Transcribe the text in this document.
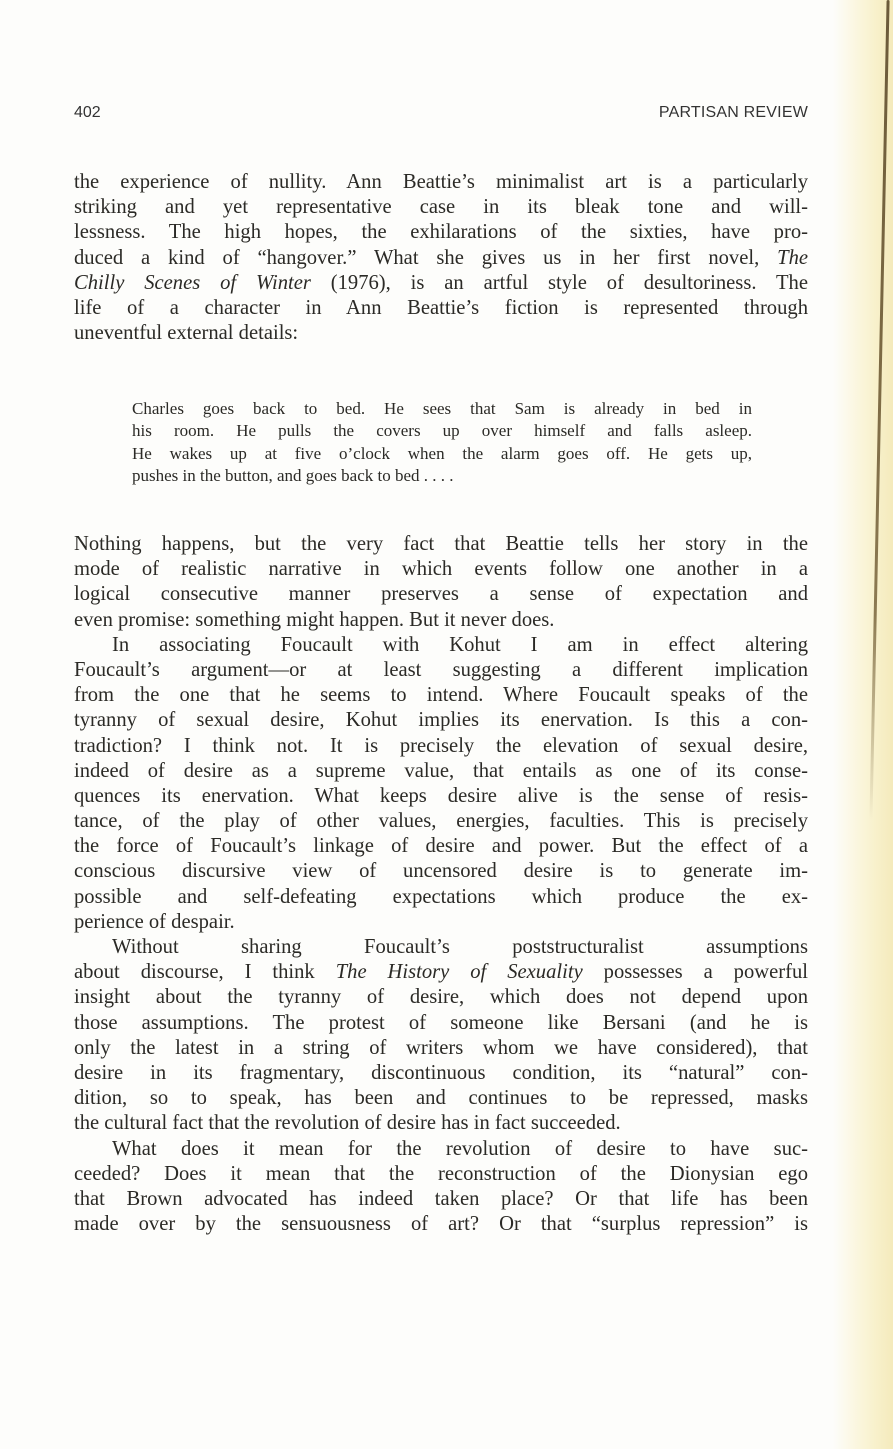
402	PARTISAN REVIEW
the experience of nullity. Ann Beattie’s minimalist art is a particularly
striking and yet representative case in its bleak tone and will-
lessness. The high hopes, the exhilarations of the sixties, have pro-
duced a kind of “hangover.” What she gives us in her first novel, The
Chilly Scenes of Winter (1976), is an artful style of desultoriness. The
life of a character in Ann Beattie’s fiction is represented through
uneventful external details:
Charles goes back to bed. He sees that Sam is already in bed in
his room. He pulls the covers up over himself and falls asleep.
He wakes up at five o’clock when the alarm goes off. He gets up,
pushes in the button, and goes back to bed . . . .
Nothing happens, but the very fact that Beattie tells her story in the
mode of realistic narrative in which events follow one another in a
logical consecutive manner preserves a sense of expectation and
even promise: something might happen. But it never does.
In associating Foucault with Kohut I am in effect altering
Foucault’s argument—or at least suggesting a different implication
from the one that he seems to intend. Where Foucault speaks of the
tyranny of sexual desire, Kohut implies its enervation. Is this a con-
tradiction? I think not. It is precisely the elevation of sexual desire,
indeed of desire as a supreme value, that entails as one of its conse-
quences its enervation. What keeps desire alive is the sense of resis-
tance, of the play of other values, energies, faculties. This is precisely
the force of Foucault’s linkage of desire and power. But the effect of a
conscious discursive view of uncensored desire is to generate im-
possible and self-defeating expectations which produce the ex-
perience of despair.
Without sharing Foucault’s poststructuralist assumptions
about discourse, I think The History of Sexuality possesses a powerful
insight about the tyranny of desire, which does not depend upon
those assumptions. The protest of someone like Bersani (and he is
only the latest in a string of writers whom we have considered), that
desire in its fragmentary, discontinuous condition, its “natural” con-
dition, so to speak, has been and continues to be repressed, masks
the cultural fact that the revolution of desire has in fact succeeded.
What does it mean for the revolution of desire to have suc-
ceeded? Does it mean that the reconstruction of the Dionysian ego
that Brown advocated has indeed taken place? Or that life has been
made over by the sensuousness of art? Or that “surplus repression” is
